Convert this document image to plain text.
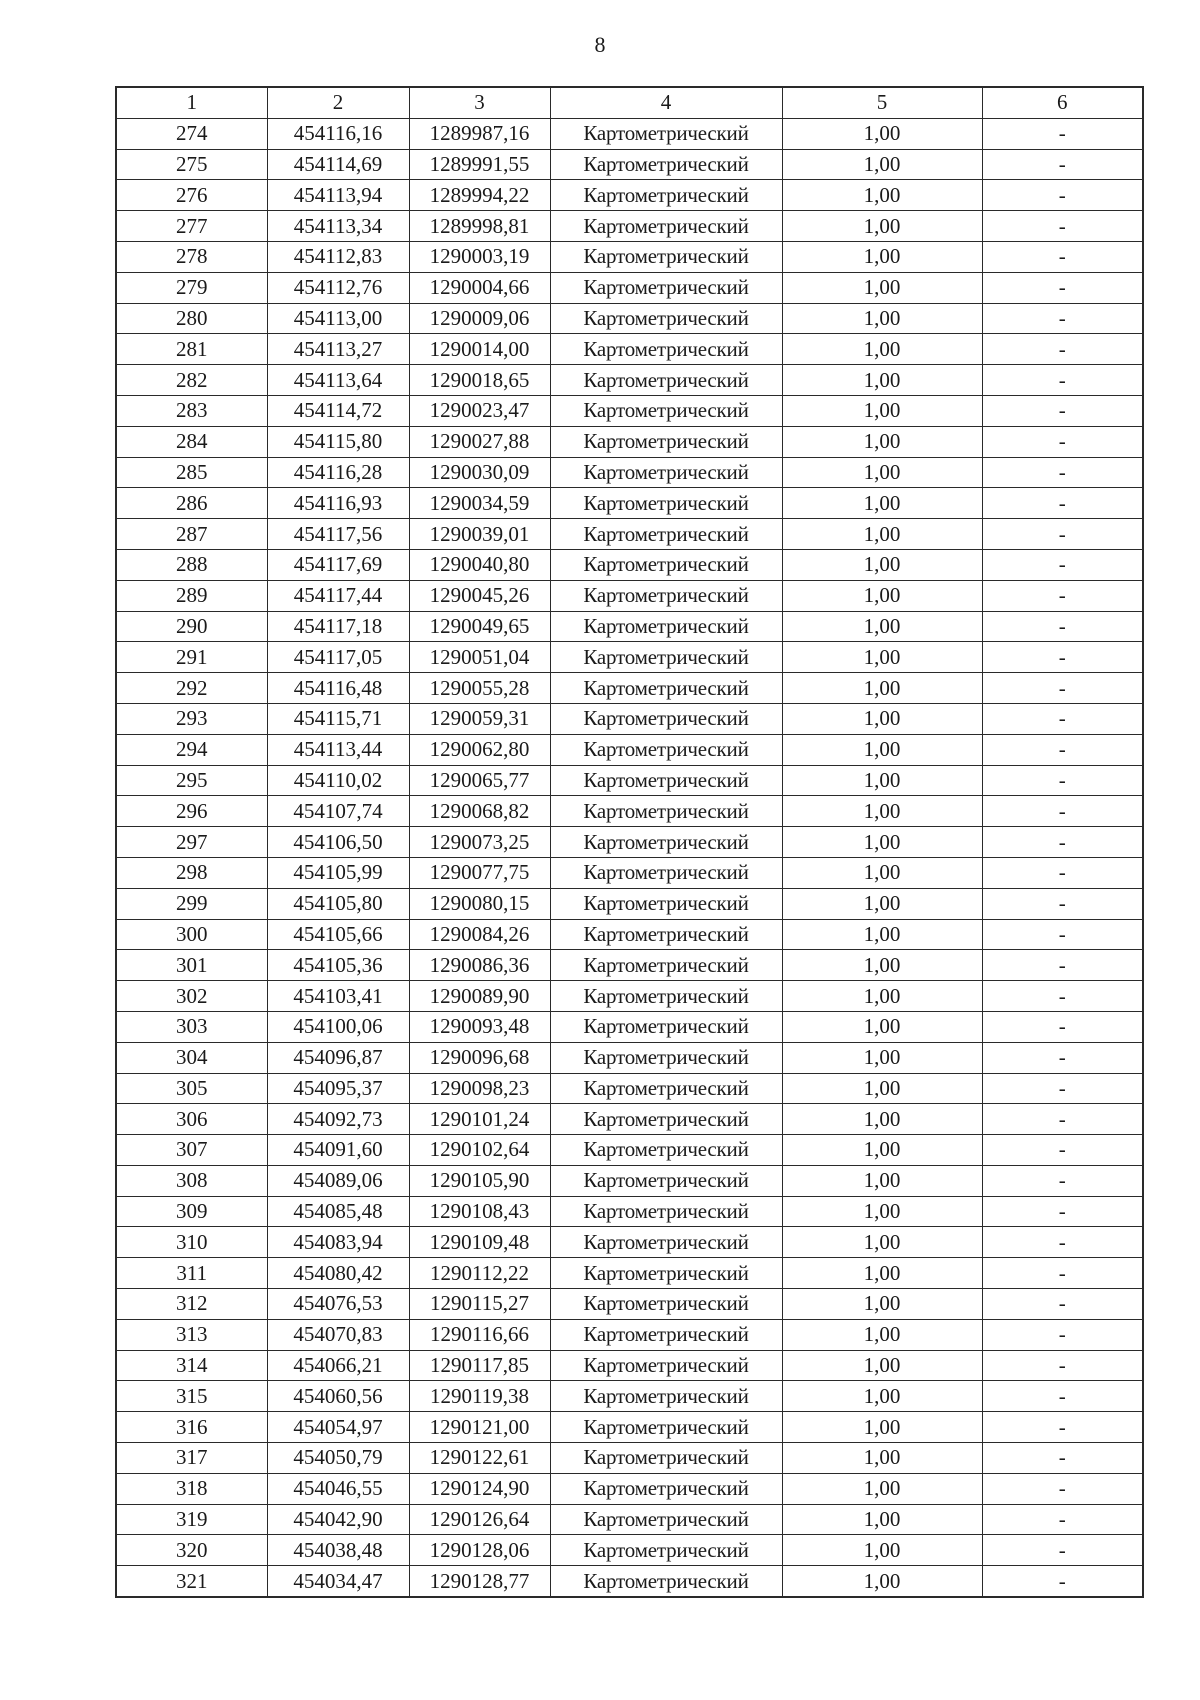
8
1	2	3	4	5	6
274	454116,16	1289987,16	Картометрический	1,00	-
275	454114,69	1289991,55	Картометрический	1,00	-
276	454113,94	1289994,22	Картометрический	1,00	-
277	454113,34	1289998,81	Картометрический	1,00	-
278	454112,83	1290003,19	Картометрический	1,00	-
279	454112,76	1290004,66	Картометрический	1,00	-
280	454113,00	1290009,06	Картометрический	1,00	-
281	454113,27	1290014,00	Картометрический	1,00	-
282	454113,64	1290018,65	Картометрический	1,00	-
283	454114,72	1290023,47	Картометрический	1,00	-
284	454115,80	1290027,88	Картометрический	1,00	-
285	454116,28	1290030,09	Картометрический	1,00	-
286	454116,93	1290034,59	Картометрический	1,00	-
287	454117,56	1290039,01	Картометрический	1,00	-
288	454117,69	1290040,80	Картометрический	1,00	-
289	454117,44	1290045,26	Картометрический	1,00	-
290	454117,18	1290049,65	Картометрический	1,00	-
291	454117,05	1290051,04	Картометрический	1,00	-
292	454116,48	1290055,28	Картометрический	1,00	-
293	454115,71	1290059,31	Картометрический	1,00	-
294	454113,44	1290062,80	Картометрический	1,00	-
295	454110,02	1290065,77	Картометрический	1,00	-
296	454107,74	1290068,82	Картометрический	1,00	-
297	454106,50	1290073,25	Картометрический	1,00	-
298	454105,99	1290077,75	Картометрический	1,00	-
299	454105,80	1290080,15	Картометрический	1,00	-
300	454105,66	1290084,26	Картометрический	1,00	-
301	454105,36	1290086,36	Картометрический	1,00	-
302	454103,41	1290089,90	Картометрический	1,00	-
303	454100,06	1290093,48	Картометрический	1,00	-
304	454096,87	1290096,68	Картометрический	1,00	-
305	454095,37	1290098,23	Картометрический	1,00	-
306	454092,73	1290101,24	Картометрический	1,00	-
307	454091,60	1290102,64	Картометрический	1,00	-
308	454089,06	1290105,90	Картометрический	1,00	-
309	454085,48	1290108,43	Картометрический	1,00	-
310	454083,94	1290109,48	Картометрический	1,00	-
311	454080,42	1290112,22	Картометрический	1,00	-
312	454076,53	1290115,27	Картометрический	1,00	-
313	454070,83	1290116,66	Картометрический	1,00	-
314	454066,21	1290117,85	Картометрический	1,00	-
315	454060,56	1290119,38	Картометрический	1,00	-
316	454054,97	1290121,00	Картометрический	1,00	-
317	454050,79	1290122,61	Картометрический	1,00	-
318	454046,55	1290124,90	Картометрический	1,00	-
319	454042,90	1290126,64	Картометрический	1,00	-
320	454038,48	1290128,06	Картометрический	1,00	-
321	454034,47	1290128,77	Картометрический	1,00	-
